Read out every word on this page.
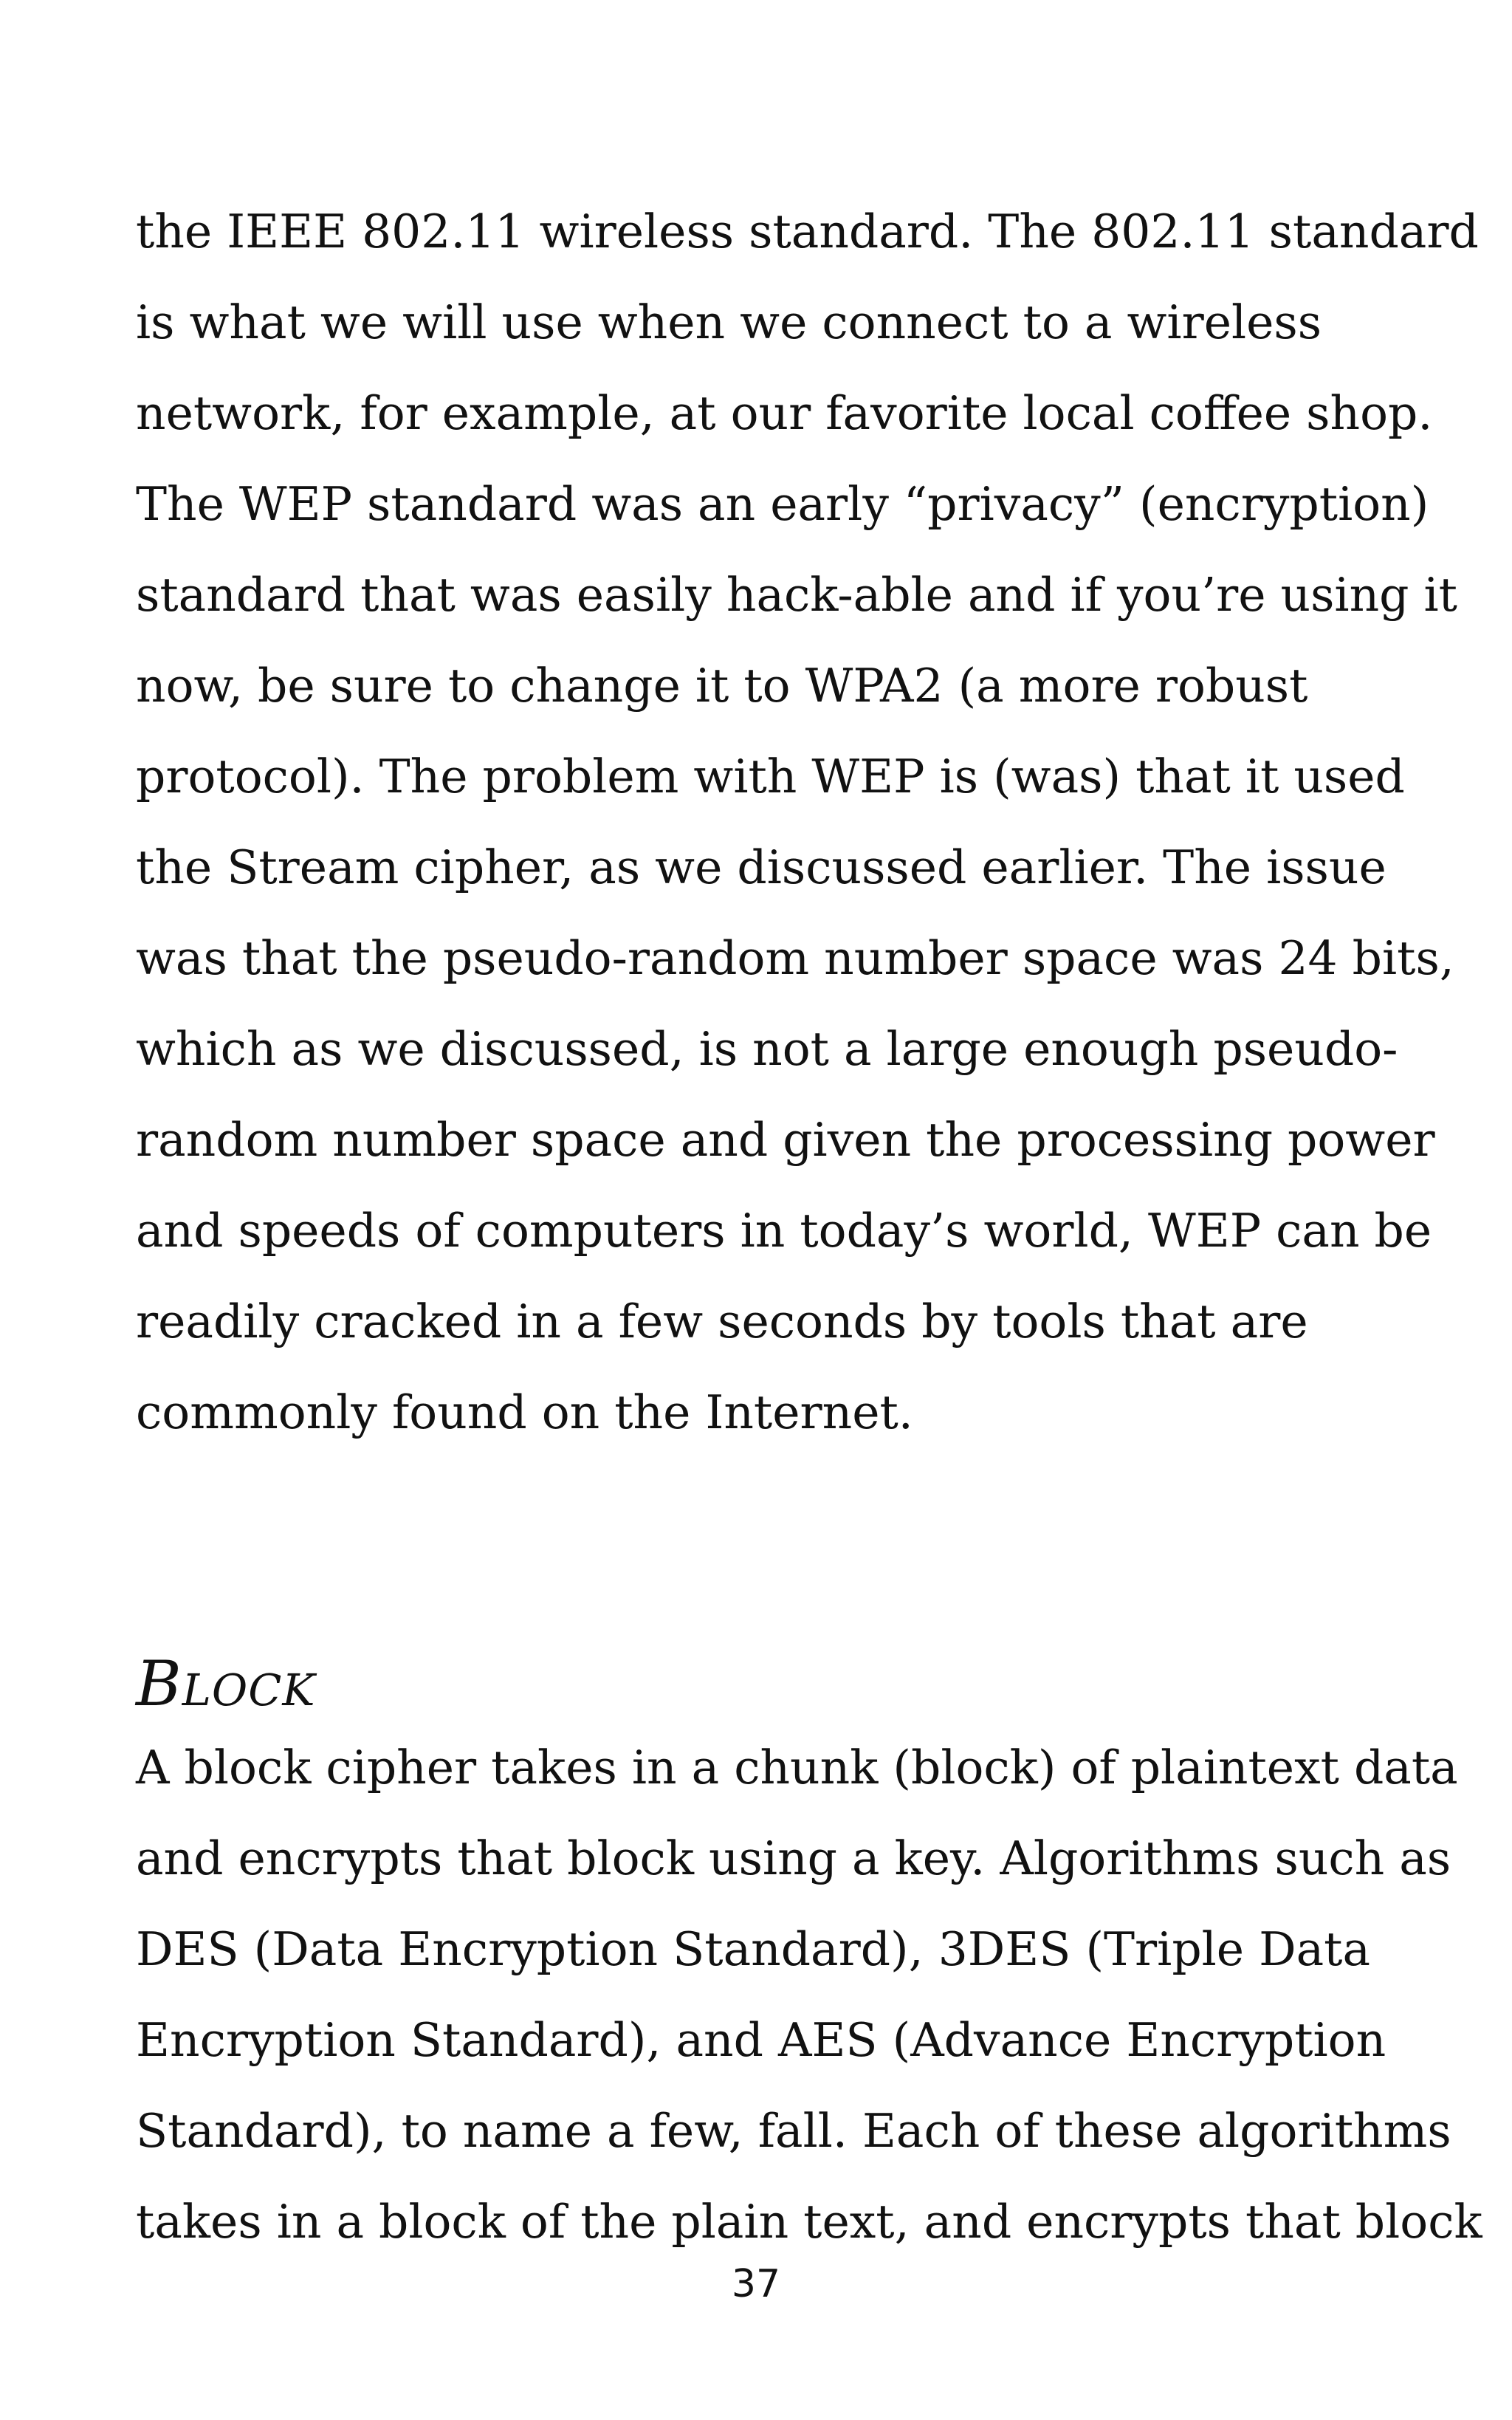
the IEEE 802.11 wireless standard. The 802.11 standard
is what we will use when we connect to a wireless
network, for example, at our favorite local coffee shop.
The WEP standard was an early “privacy” (encryption)
standard that was easily hack-able and if you’re using it
now, be sure to change it to WPA2 (a more robust
protocol). The problem with WEP is (was) that it used
the Stream cipher, as we discussed earlier. The issue
was that the pseudo-random number space was 24 bits,
which as we discussed, is not a large enough pseudo-
random number space and given the processing power
and speeds of computers in today’s world, WEP can be
readily cracked in a few seconds by tools that are
commonly found on the Internet.
Block
A block cipher takes in a chunk (block) of plaintext data
and encrypts that block using a key. Algorithms such as
DES (Data Encryption Standard), 3DES (Triple Data
Encryption Standard), and AES (Advance Encryption
Standard), to name a few, fall. Each of these algorithms
takes in a block of the plain text, and encrypts that block
37
